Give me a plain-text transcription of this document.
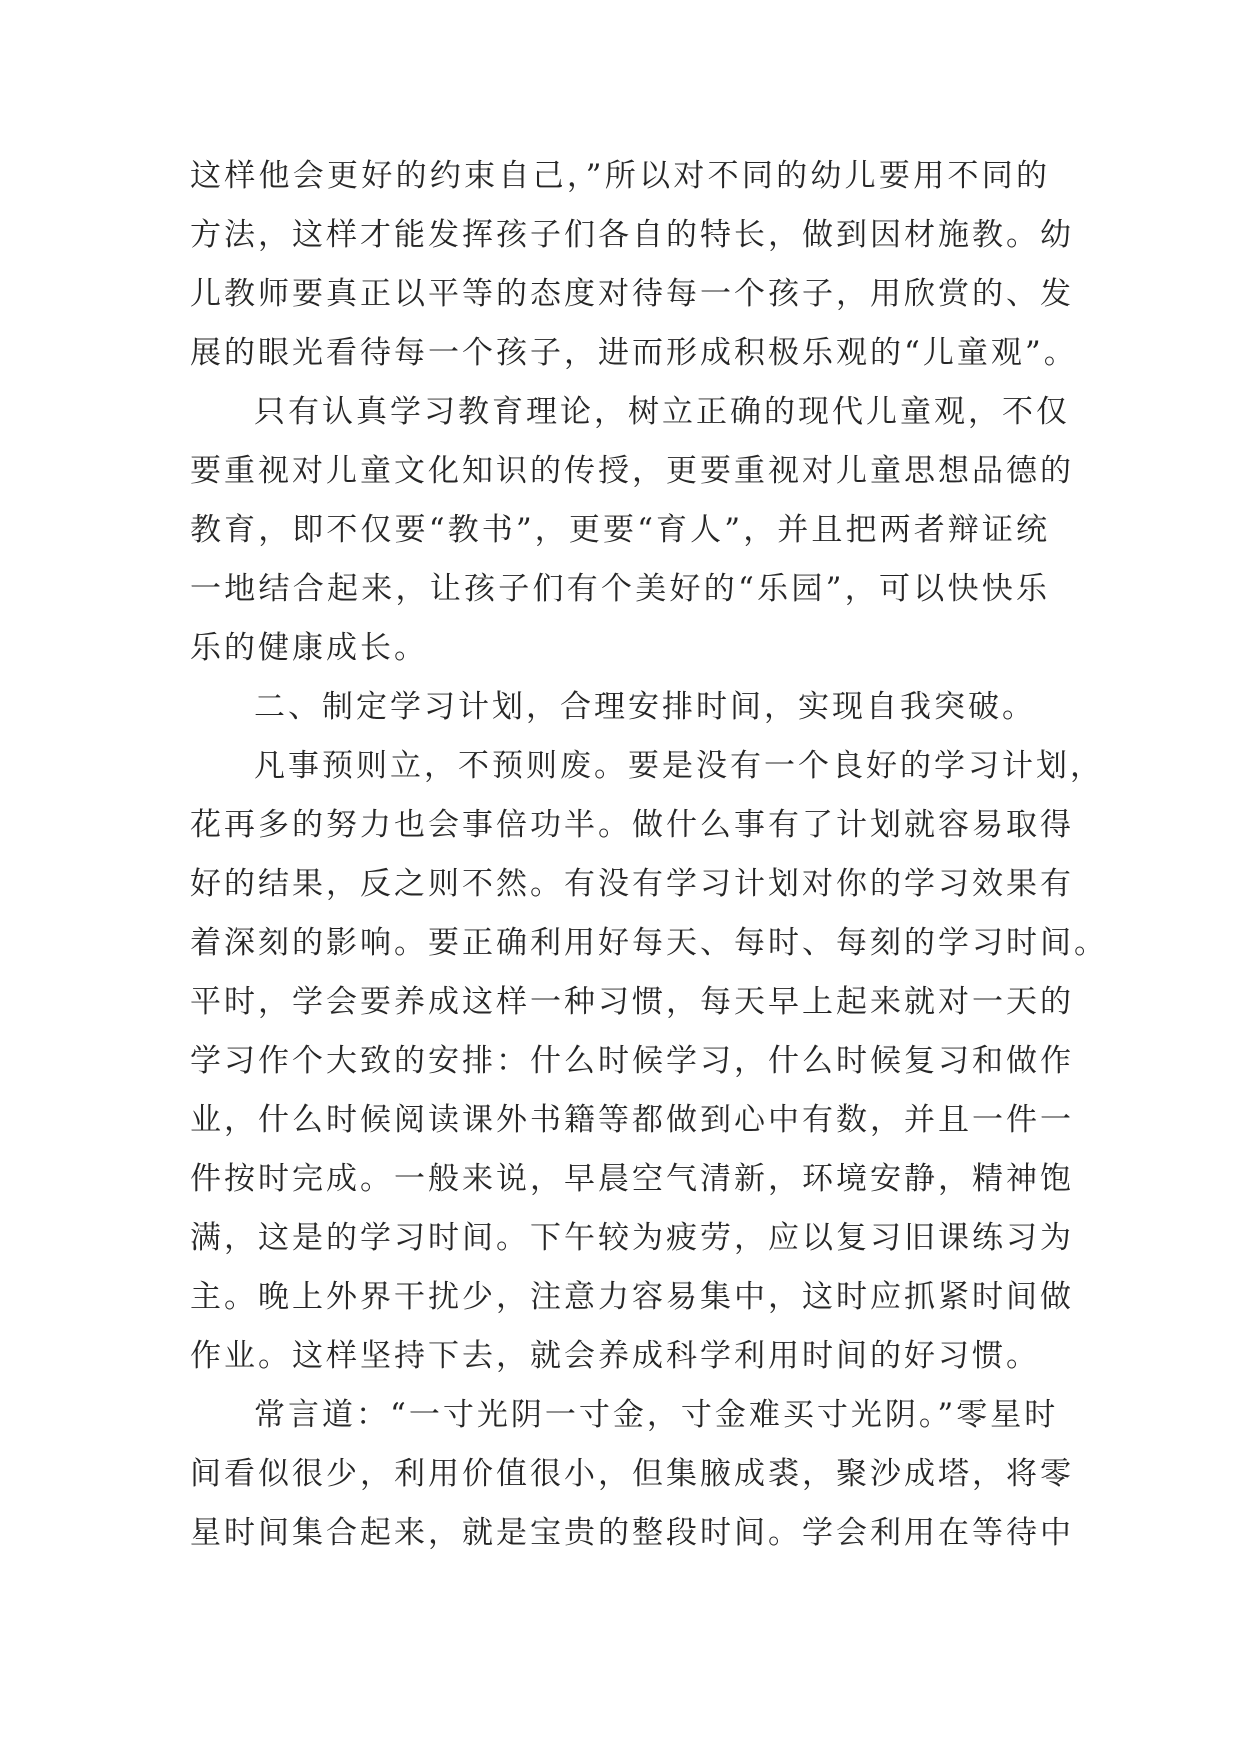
这样他会更好的约束自己，”所以对不同的幼儿要用不同的
方法，这样才能发挥孩子们各自的特长，做到因材施教。幼
儿教师要真正以平等的态度对待每一个孩子，用欣赏的、发
展的眼光看待每一个孩子，进而形成积极乐观的“儿童观”。
只有认真学习教育理论，树立正确的现代儿童观，不仅
要重视对儿童文化知识的传授，更要重视对儿童思想品德的
教育，即不仅要“教书”，更要“育人”，并且把两者辩证统
一地结合起来，让孩子们有个美好的“乐园”，可以快快乐
乐的健康成长。
二、制定学习计划，合理安排时间，实现自我突破。
凡事预则立，不预则废。要是没有一个良好的学习计划，
花再多的努力也会事倍功半。做什么事有了计划就容易取得
好的结果，反之则不然。有没有学习计划对你的学习效果有
着深刻的影响。要正确利用好每天、每时、每刻的学习时间。
平时，学会要养成这样一种习惯，每天早上起来就对一天的
学习作个大致的安排：什么时候学习，什么时候复习和做作
业，什么时候阅读课外书籍等都做到心中有数，并且一件一
件按时完成。一般来说，早晨空气清新，环境安静，精神饱
满，这是的学习时间。下午较为疲劳，应以复习旧课练习为
主。晚上外界干扰少，注意力容易集中，这时应抓紧时间做
作业。这样坚持下去，就会养成科学利用时间的好习惯。
常言道：“一寸光阴一寸金，寸金难买寸光阴。”零星时
间看似很少，利用价值很小，但集腋成裘，聚沙成塔，将零
星时间集合起来，就是宝贵的整段时间。学会利用在等待中
